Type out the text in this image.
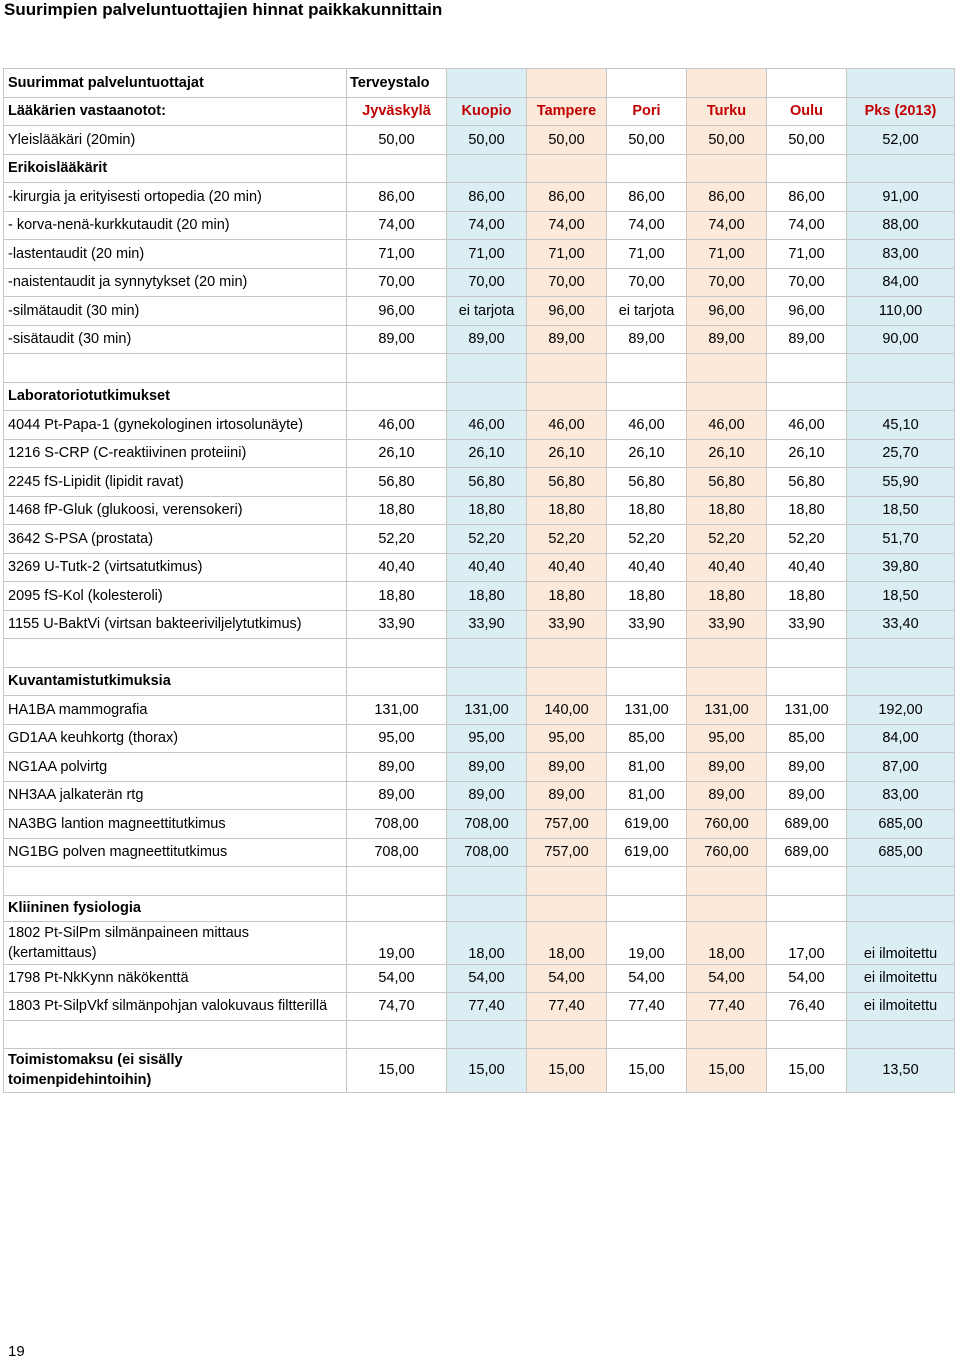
Suurimpien palveluntuottajien hinnat paikkakunnittain
Suurimmat palveluntuottajat	Terveystalo						
Lääkärien vastaanotot:	Jyväskylä	Kuopio	Tampere	Pori	Turku	Oulu	Pks (2013)
Yleislääkäri (20min)	50,00	50,00	50,00	50,00	50,00	50,00	52,00
Erikoislääkärit							
-kirurgia ja erityisesti ortopedia (20 min)	86,00	86,00	86,00	86,00	86,00	86,00	91,00
- korva-nenä-kurkkutaudit (20 min)	74,00	74,00	74,00	74,00	74,00	74,00	88,00
-lastentaudit (20 min)	71,00	71,00	71,00	71,00	71,00	71,00	83,00
-naistentaudit ja synnytykset (20 min)	70,00	70,00	70,00	70,00	70,00	70,00	84,00
-silmätaudit (30 min)	96,00	ei tarjota	96,00	ei tarjota	96,00	96,00	110,00
-sisätaudit (30 min)	89,00	89,00	89,00	89,00	89,00	89,00	90,00

Laboratoriotutkimukset							
4044 Pt-Papa-1 (gynekologinen irtosolunäyte)	46,00	46,00	46,00	46,00	46,00	46,00	45,10
1216 S-CRP (C-reaktiivinen proteiini)	26,10	26,10	26,10	26,10	26,10	26,10	25,70
2245 fS-Lipidit (lipidit ravat)	56,80	56,80	56,80	56,80	56,80	56,80	55,90
1468 fP-Gluk (glukoosi, verensokeri)	18,80	18,80	18,80	18,80	18,80	18,80	18,50
3642 S-PSA (prostata)	52,20	52,20	52,20	52,20	52,20	52,20	51,70
3269 U-Tutk-2 (virtsatutkimus)	40,40	40,40	40,40	40,40	40,40	40,40	39,80
2095 fS-Kol (kolesteroli)	18,80	18,80	18,80	18,80	18,80	18,80	18,50
1155 U-BaktVi (virtsan bakteeriviljelytutkimus)	33,90	33,90	33,90	33,90	33,90	33,90	33,40

Kuvantamistutkimuksia							
HA1BA mammografia	131,00	131,00	140,00	131,00	131,00	131,00	192,00
GD1AA keuhkortg (thorax)	95,00	95,00	95,00	85,00	95,00	85,00	84,00
NG1AA polvirtg	89,00	89,00	89,00	81,00	89,00	89,00	87,00
NH3AA jalkaterän rtg	89,00	89,00	89,00	81,00	89,00	89,00	83,00
NA3BG lantion magneettitutkimus	708,00	708,00	757,00	619,00	760,00	689,00	685,00
NG1BG polven magneettitutkimus	708,00	708,00	757,00	619,00	760,00	689,00	685,00

Kliininen fysiologia							

1802 Pt-SilPm silmänpaineen mittaus
(kertamittaus)	19,00	18,00	18,00	19,00	18,00	17,00	ei ilmoitettu
1798 Pt-NkKynn näkökenttä	54,00	54,00	54,00	54,00	54,00	54,00	ei ilmoitettu
1803 Pt-SilpVkf silmänpohjan valokuvaus filtterillä	74,70	77,40	77,40	77,40	77,40	76,40	ei ilmoitettu

Toimistomaksu (ei sisälly
toimenpidehintoihin)	15,00	15,00	15,00	15,00	15,00	15,00	13,50
19
